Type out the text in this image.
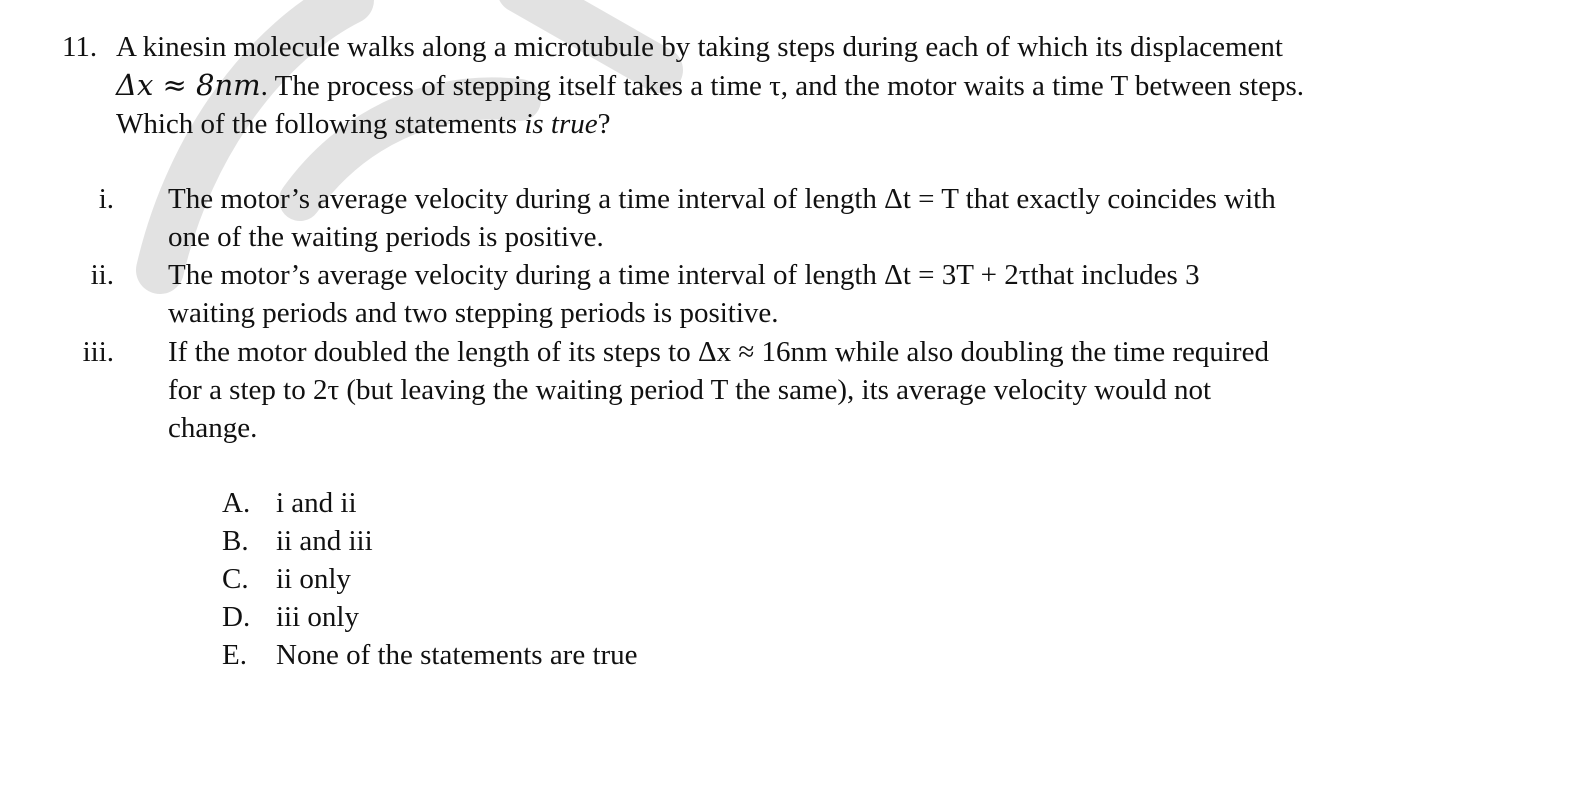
11. A kinesin molecule walks along a microtubule by taking steps during each of which its displacement
Δx ≈ 8nm. The process of stepping itself takes a time τ, and the motor waits a time T between steps.
Which of the following statements is true?
i. The motor’s average velocity during a time interval of length Δt = T that exactly coincides with
one of the waiting periods is positive.
ii. The motor’s average velocity during a time interval of length Δt = 3T + 2τthat includes 3
waiting periods and two stepping periods is positive.
iii. If the motor doubled the length of its steps to Δx ≈ 16nm while also doubling the time required
for a step to 2τ (but leaving the waiting period T the same), its average velocity would not
change.
A. i and ii
B. ii and iii
C. ii only
D. iii only
E. None of the statements are true
